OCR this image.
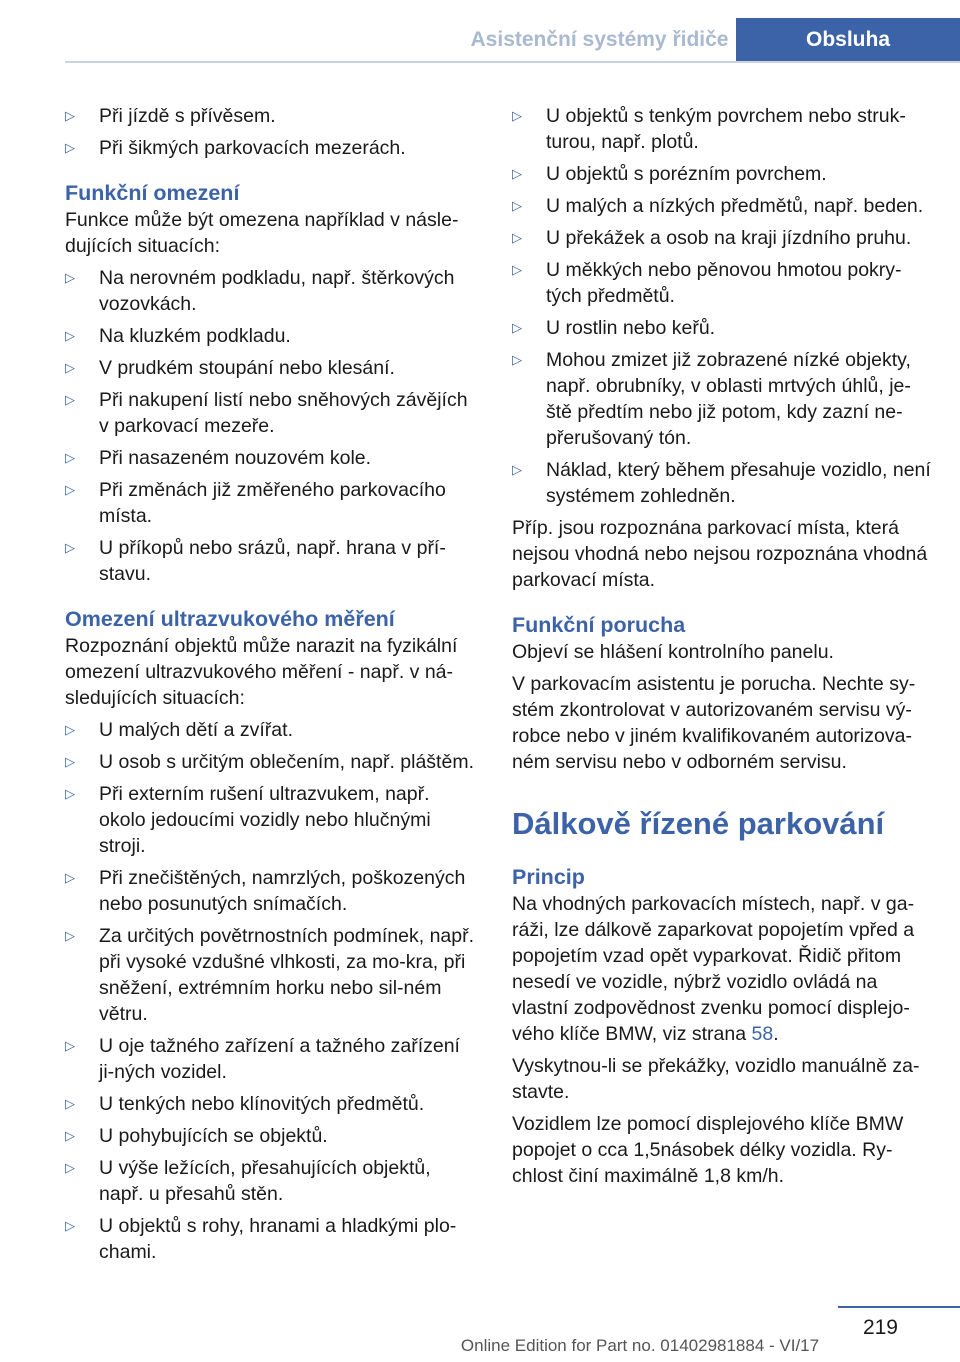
Asistenční systémy řidiče	Obsluha
▷	Při jízdě s přívěsem.
▷	Při šikmých parkovacích mezerách.
Funkční omezení
Funkce může být omezena například v násle-dujících situacích:
▷	Na nerovném podkladu, např. štěrkových vozovkách.
▷	Na kluzkém podkladu.
▷	V prudkém stoupání nebo klesání.
▷	Při nakupení listí nebo sněhových závějích v parkovací mezeře.
▷	Při nasazeném nouzovém kole.
▷	Při změnách již změřeného parkovacího místa.
▷	U příkopů nebo srázů, např. hrana v pří-stavu.
Omezení ultrazvukového měření
Rozpoznání objektů může narazit na fyzikální omezení ultrazvukového měření - např. v ná-sledujících situacích:
▷	U malých dětí a zvířat.
▷	U osob s určitým oblečením, např. pláštěm.
▷	Při externím rušení ultrazvukem, např. okolo jedoucími vozidly nebo hlučnými stroji.
▷	Při znečištěných, namrzlých, poškozených nebo posunutých snímačích.
▷	Za určitých povětrnostních podmínek, např. při vysoké vzdušné vlhkosti, za mo-kra, při sněžení, extrémním horku nebo sil-ném větru.
▷	U oje tažného zařízení a tažného zařízení ji-ných vozidel.
▷	U tenkých nebo klínovitých předmětů.
▷	U pohybujících se objektů.
▷	U výše ležících, přesahujících objektů, např. u přesahů stěn.
▷	U objektů s rohy, hranami a hladkými plo-chami.
▷	U objektů s tenkým povrchem nebo struk-turou, např. plotů.
▷	U objektů s porézním povrchem.
▷	U malých a nízkých předmětů, např. beden.
▷	U překážek a osob na kraji jízdního pruhu.
▷	U měkkých nebo pěnovou hmotou pokry-tých předmětů.
▷	U rostlin nebo keřů.
▷	Mohou zmizet již zobrazené nízké objekty, např. obrubníky, v oblasti mrtvých úhlů, je-ště předtím nebo již potom, kdy zazní ne-přerušovaný tón.
▷	Náklad, který během přesahuje vozidlo, není systémem zohledněn.
Příp. jsou rozpoznána parkovací místa, která nejsou vhodná nebo nejsou rozpoznána vhodná parkovací místa.
Funkční porucha
Objeví se hlášení kontrolního panelu.
V parkovacím asistentu je porucha. Nechte sy-stém zkontrolovat v autorizovaném servisu vý-robce nebo v jiném kvalifikovaném autorizova-ném servisu nebo v odborném servisu.
Dálkově řízené parkování
Princip
Na vhodných parkovacích místech, např. v ga-ráži, lze dálkově zaparkovat popojetím vpřed a popojetím vzad opět vyparkovat. Řidič přitom nesedí ve vozidle, nýbrž vozidlo ovládá na vlastní zodpovědnost zvenku pomocí displejo-vého klíče BMW, viz strana 58.
Vyskytnou-li se překážky, vozidlo manuálně za-stavte.
Vozidlem lze pomocí displejového klíče BMW popojet o cca 1,5násobek délky vozidla. Ry-chlost činí maximálně 1,8 km/h.
219
Online Edition for Part no. 01402981884 - VI/17
